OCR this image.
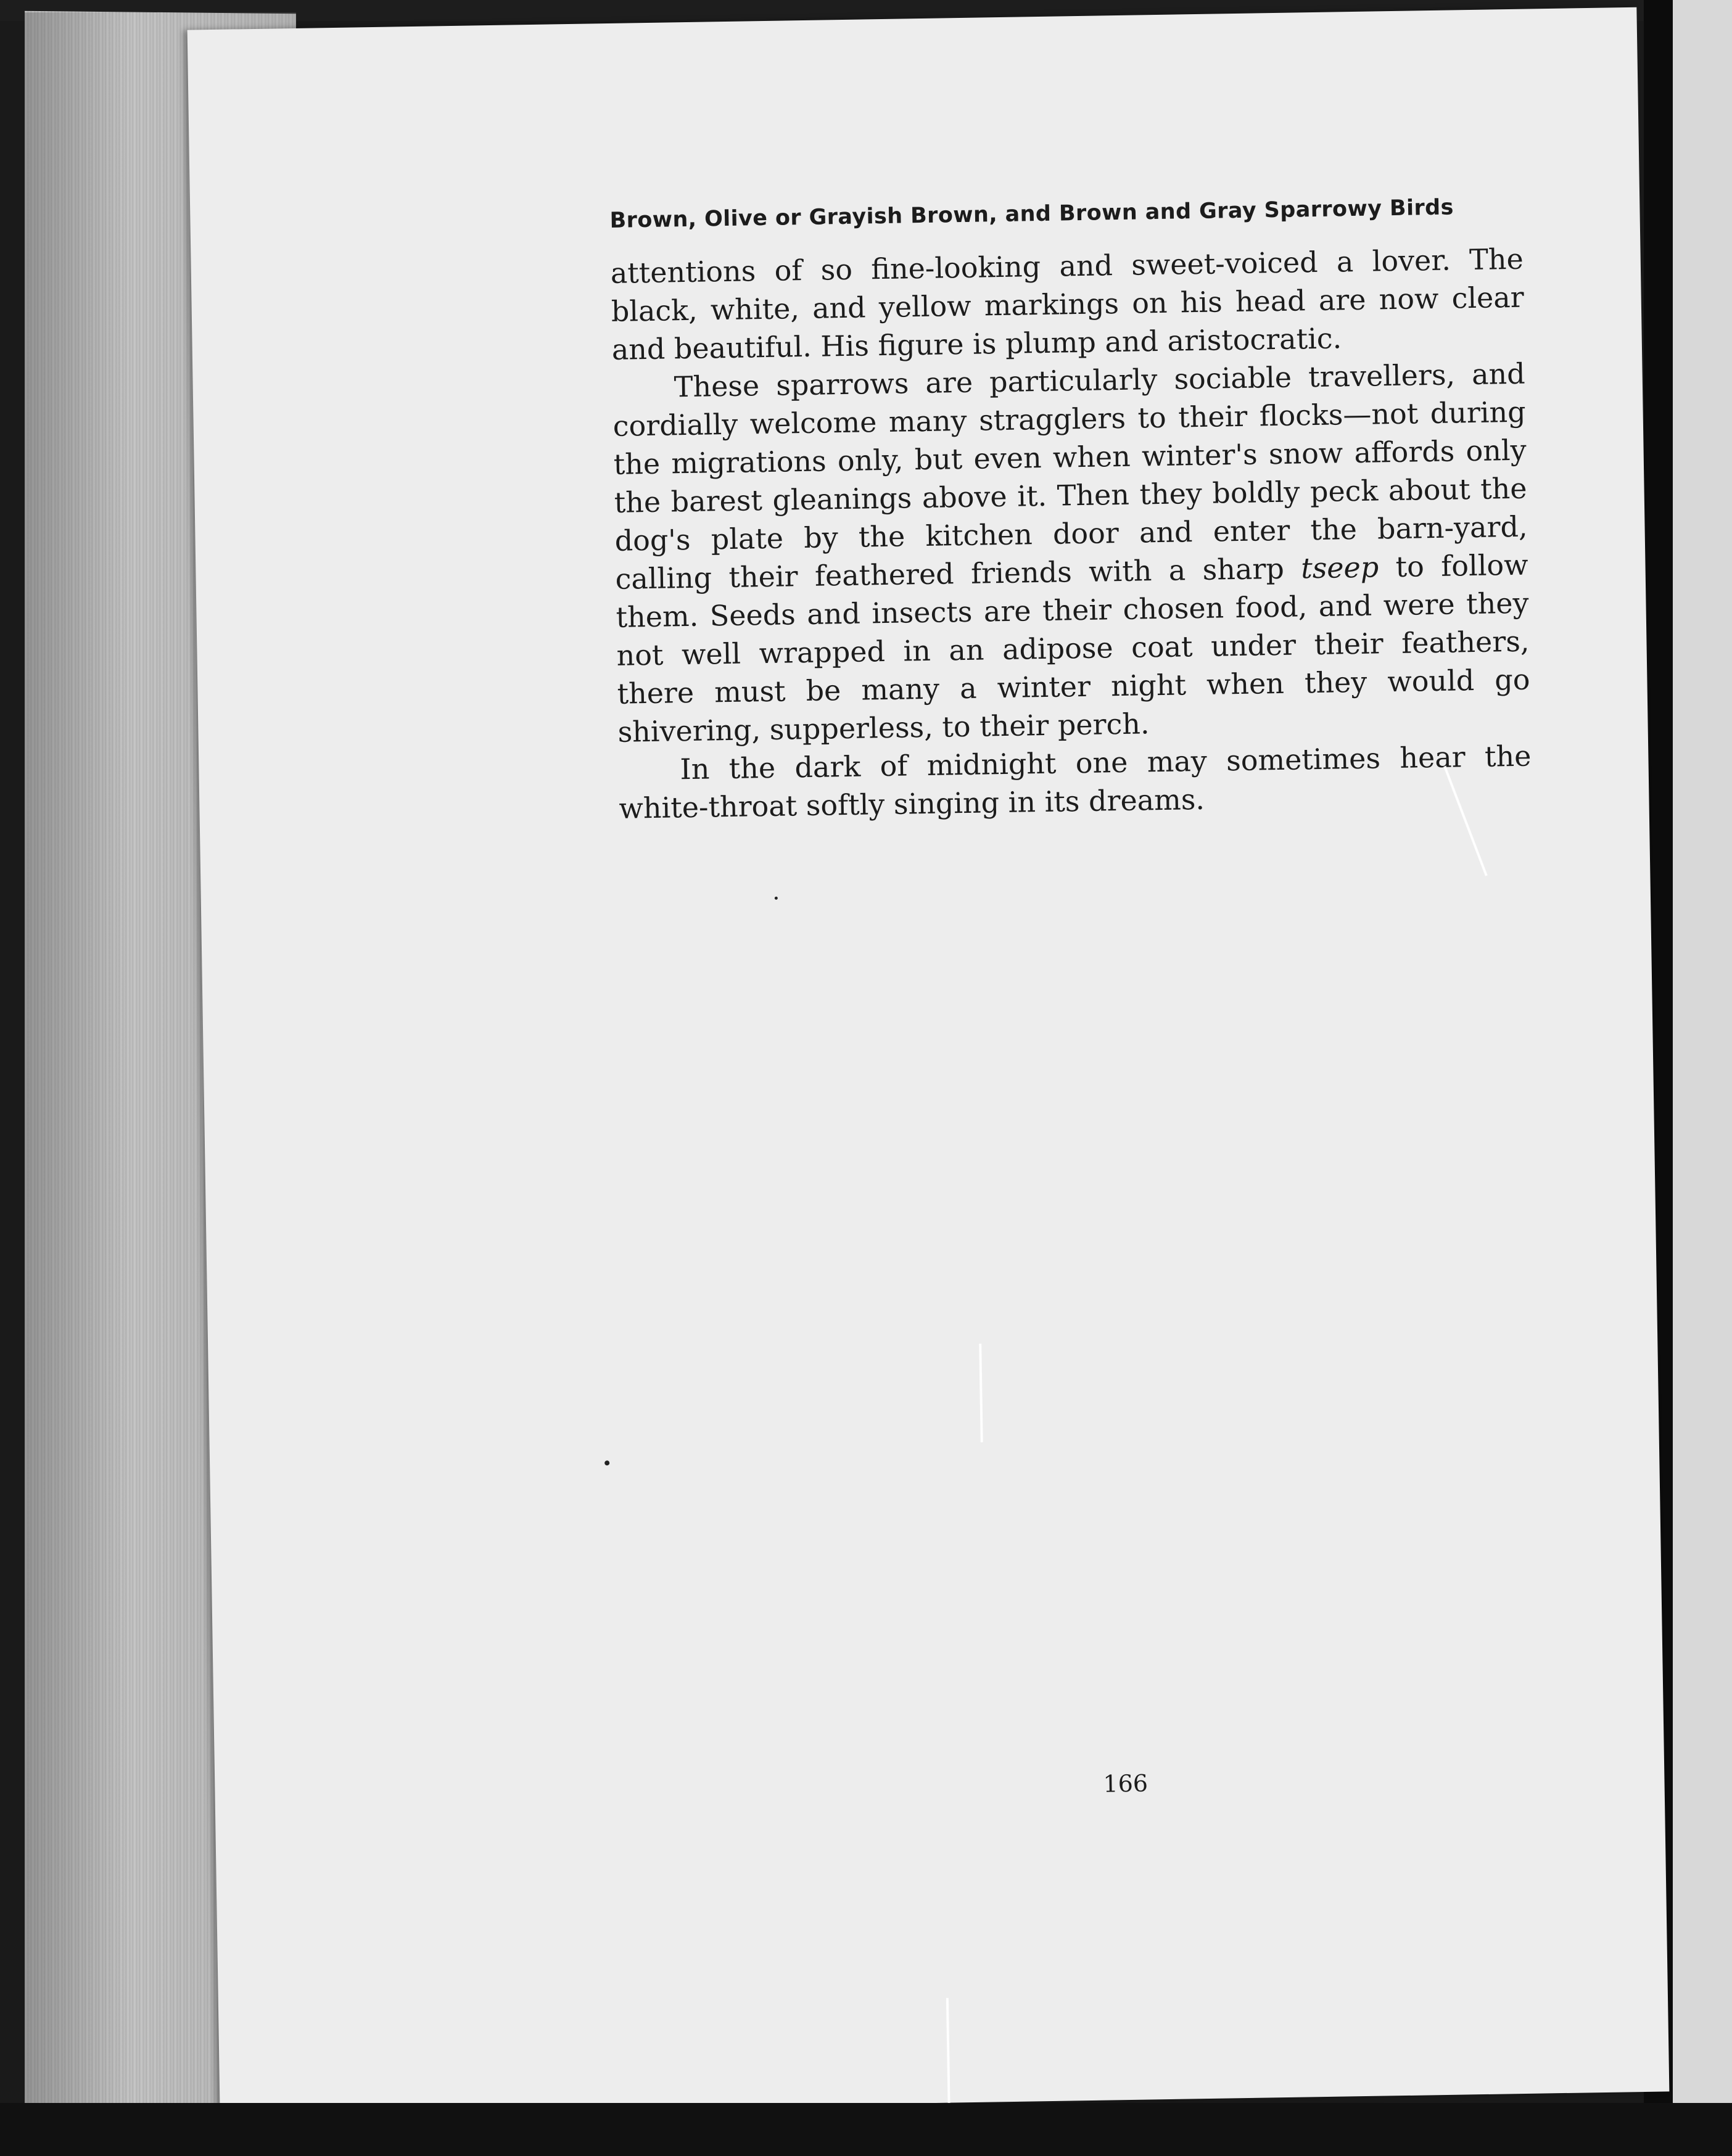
Brown, Olive or Grayish Brown, and Brown and Gray Sparrowy Birds

attentions of so fine-looking and sweet-voiced a lover. The black, white, and yellow markings on his head are now clear and beautiful. His figure is plump and aristocratic.

These sparrows are particularly sociable travellers, and cordially welcome many stragglers to their flocks—not during the migrations only, but even when winter's snow affords only the barest gleanings above it. Then they boldly peck about the dog's plate by the kitchen door and enter the barn-yard, calling their feathered friends with a sharp tseep to follow them. Seeds and insects are their chosen food, and were they not well wrapped in an adipose coat under their feathers, there must be many a winter night when they would go shivering, supperless, to their perch.

In the dark of midnight one may sometimes hear the white-throat softly singing in its dreams.

166
